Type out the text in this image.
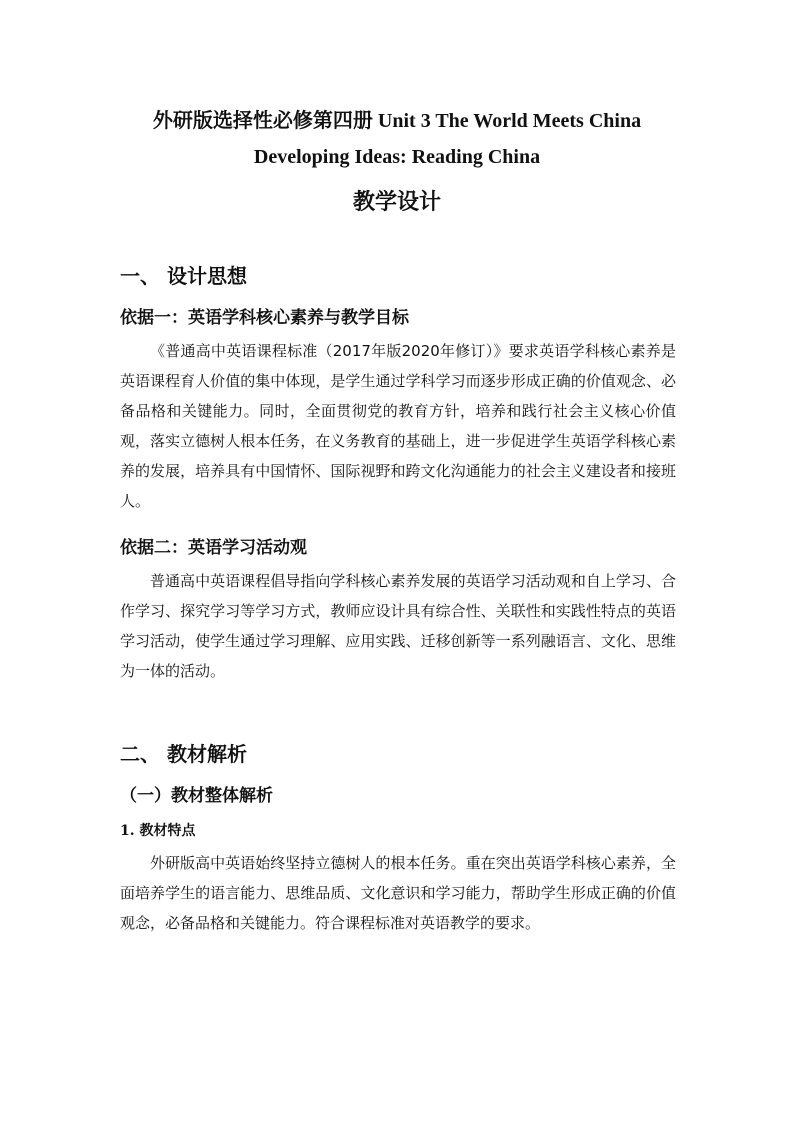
外研版选择性必修第四册 Unit 3 The World Meets China
Developing Ideas: Reading China
教学设计
一、 设计思想
依据一：英语学科核心素养与教学目标

《普通高中英语课程标准（2017年版2020年修订）》要求英语学科核心素养是英语课程育人价值的集中体现，是学生通过学科学习而逐步形成正确的价值观念、必备品格和关键能力。同时，全面贯彻党的教育方针，培养和践行社会主义核心价值观，落实立德树人根本任务，在义务教育的基础上，进一步促进学生英语学科核心素养的发展，培养具有中国情怀、国际视野和跨文化沟通能力的社会主义建设者和接班人。

依据二：英语学习活动观

普通高中英语课程倡导指向学科核心素养发展的英语学习活动观和自上学习、合作学习、探究学习等学习方式，教师应设计具有综合性、关联性和实践性特点的英语学习活动，使学生通过学习理解、应用实践、迁移创新等一系列融语言、文化、思维为一体的活动。

二、 教材解析
（一）教材整体解析
1. 教材特点

外研版高中英语始终坚持立德树人的根本任务。重在突出英语学科核心素养，全面培养学生的语言能力、思维品质、文化意识和学习能力，帮助学生形成正确的价值观念，必备品格和关键能力。符合课程标准对英语教学的要求。
